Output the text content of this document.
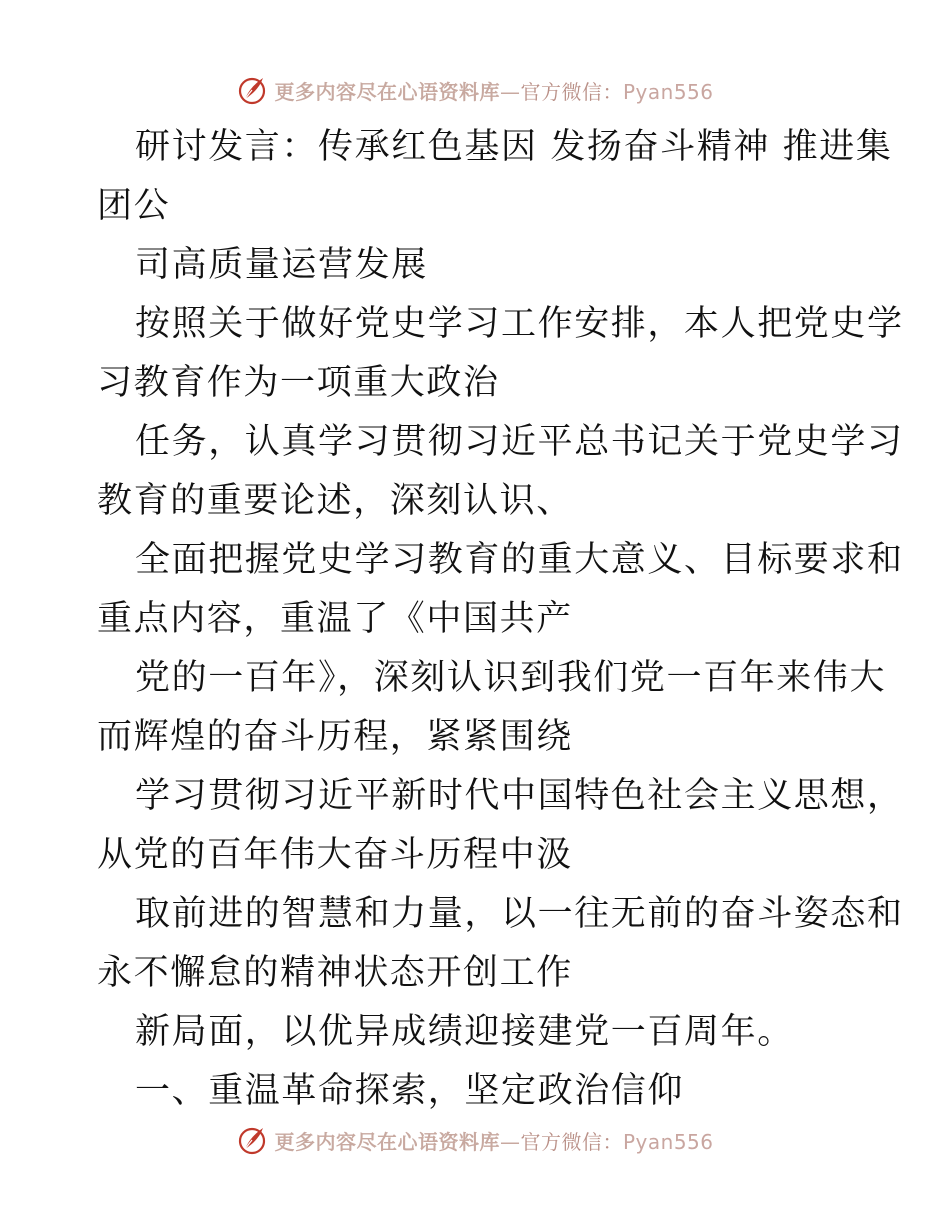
更多内容尽在心语资料库—官方微信：Pyan556
研讨发言：传承红色基因 发扬奋斗精神 推进集
团公
司高质量运营发展
按照关于做好党史学习工作安排，本人把党史学
习教育作为一项重大政治
任务，认真学习贯彻习近平总书记关于党史学习
教育的重要论述，深刻认识、
全面把握党史学习教育的重大意义、目标要求和
重点内容，重温了《中国共产
党的一百年》，深刻认识到我们党一百年来伟大
而辉煌的奋斗历程，紧紧围绕
学习贯彻习近平新时代中国特色社会主义思想，
从党的百年伟大奋斗历程中汲
取前进的智慧和力量，以一往无前的奋斗姿态和
永不懈怠的精神状态开创工作
新局面，以优异成绩迎接建党一百周年。
一、重温革命探索，坚定政治信仰
更多内容尽在心语资料库—官方微信：Pyan556
